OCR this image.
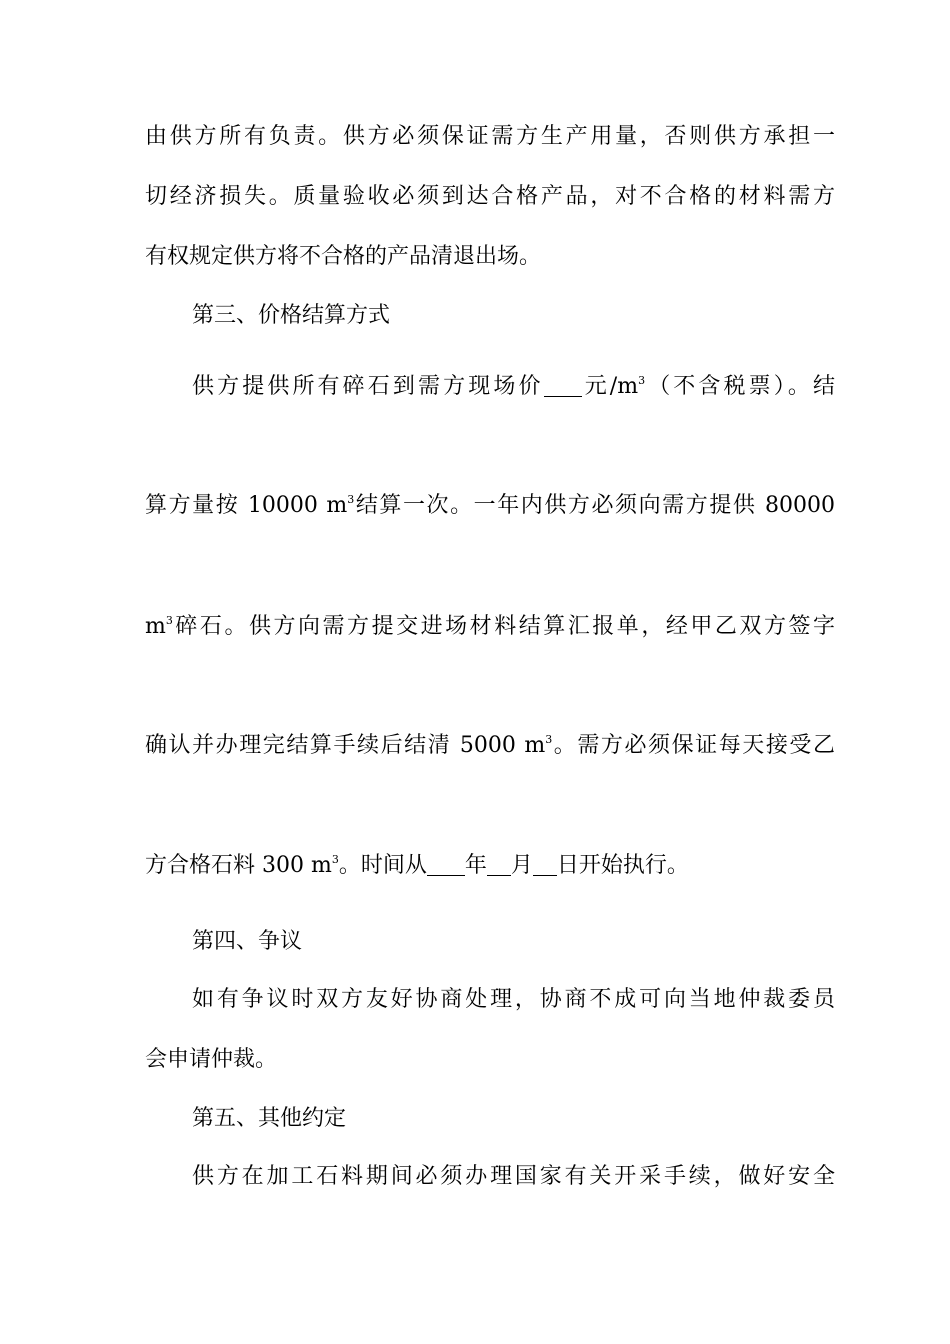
由供方所有负责。供方必须保证需方生产用量，否则供方承担一
切经济损失。质量验收必须到达合格产品，对不合格的材料需方
有权规定供方将不合格的产品清退出场。
第三、价格结算方式
供方提供所有碎石到需方现场价 元$/m^3$（不含税票）。结
算方量按 10000 $m^3$结算一次。一年内供方必须向需方提供 80000
$m^3$碎石。供方向需方提交进场材料结算汇报单，经甲乙双方签字
确认并办理完结算手续后结清 5000 $m^3$。需方必须保证每天接受乙
方合格石料 300 $m^3$。时间从 年 月 日开始执行。
第四、争议
如有争议时双方友好协商处理，协商不成可向当地仲裁委员
会申请仲裁。
第五、其他约定
供方在加工石料期间必须办理国家有关开采手续，做好安全
